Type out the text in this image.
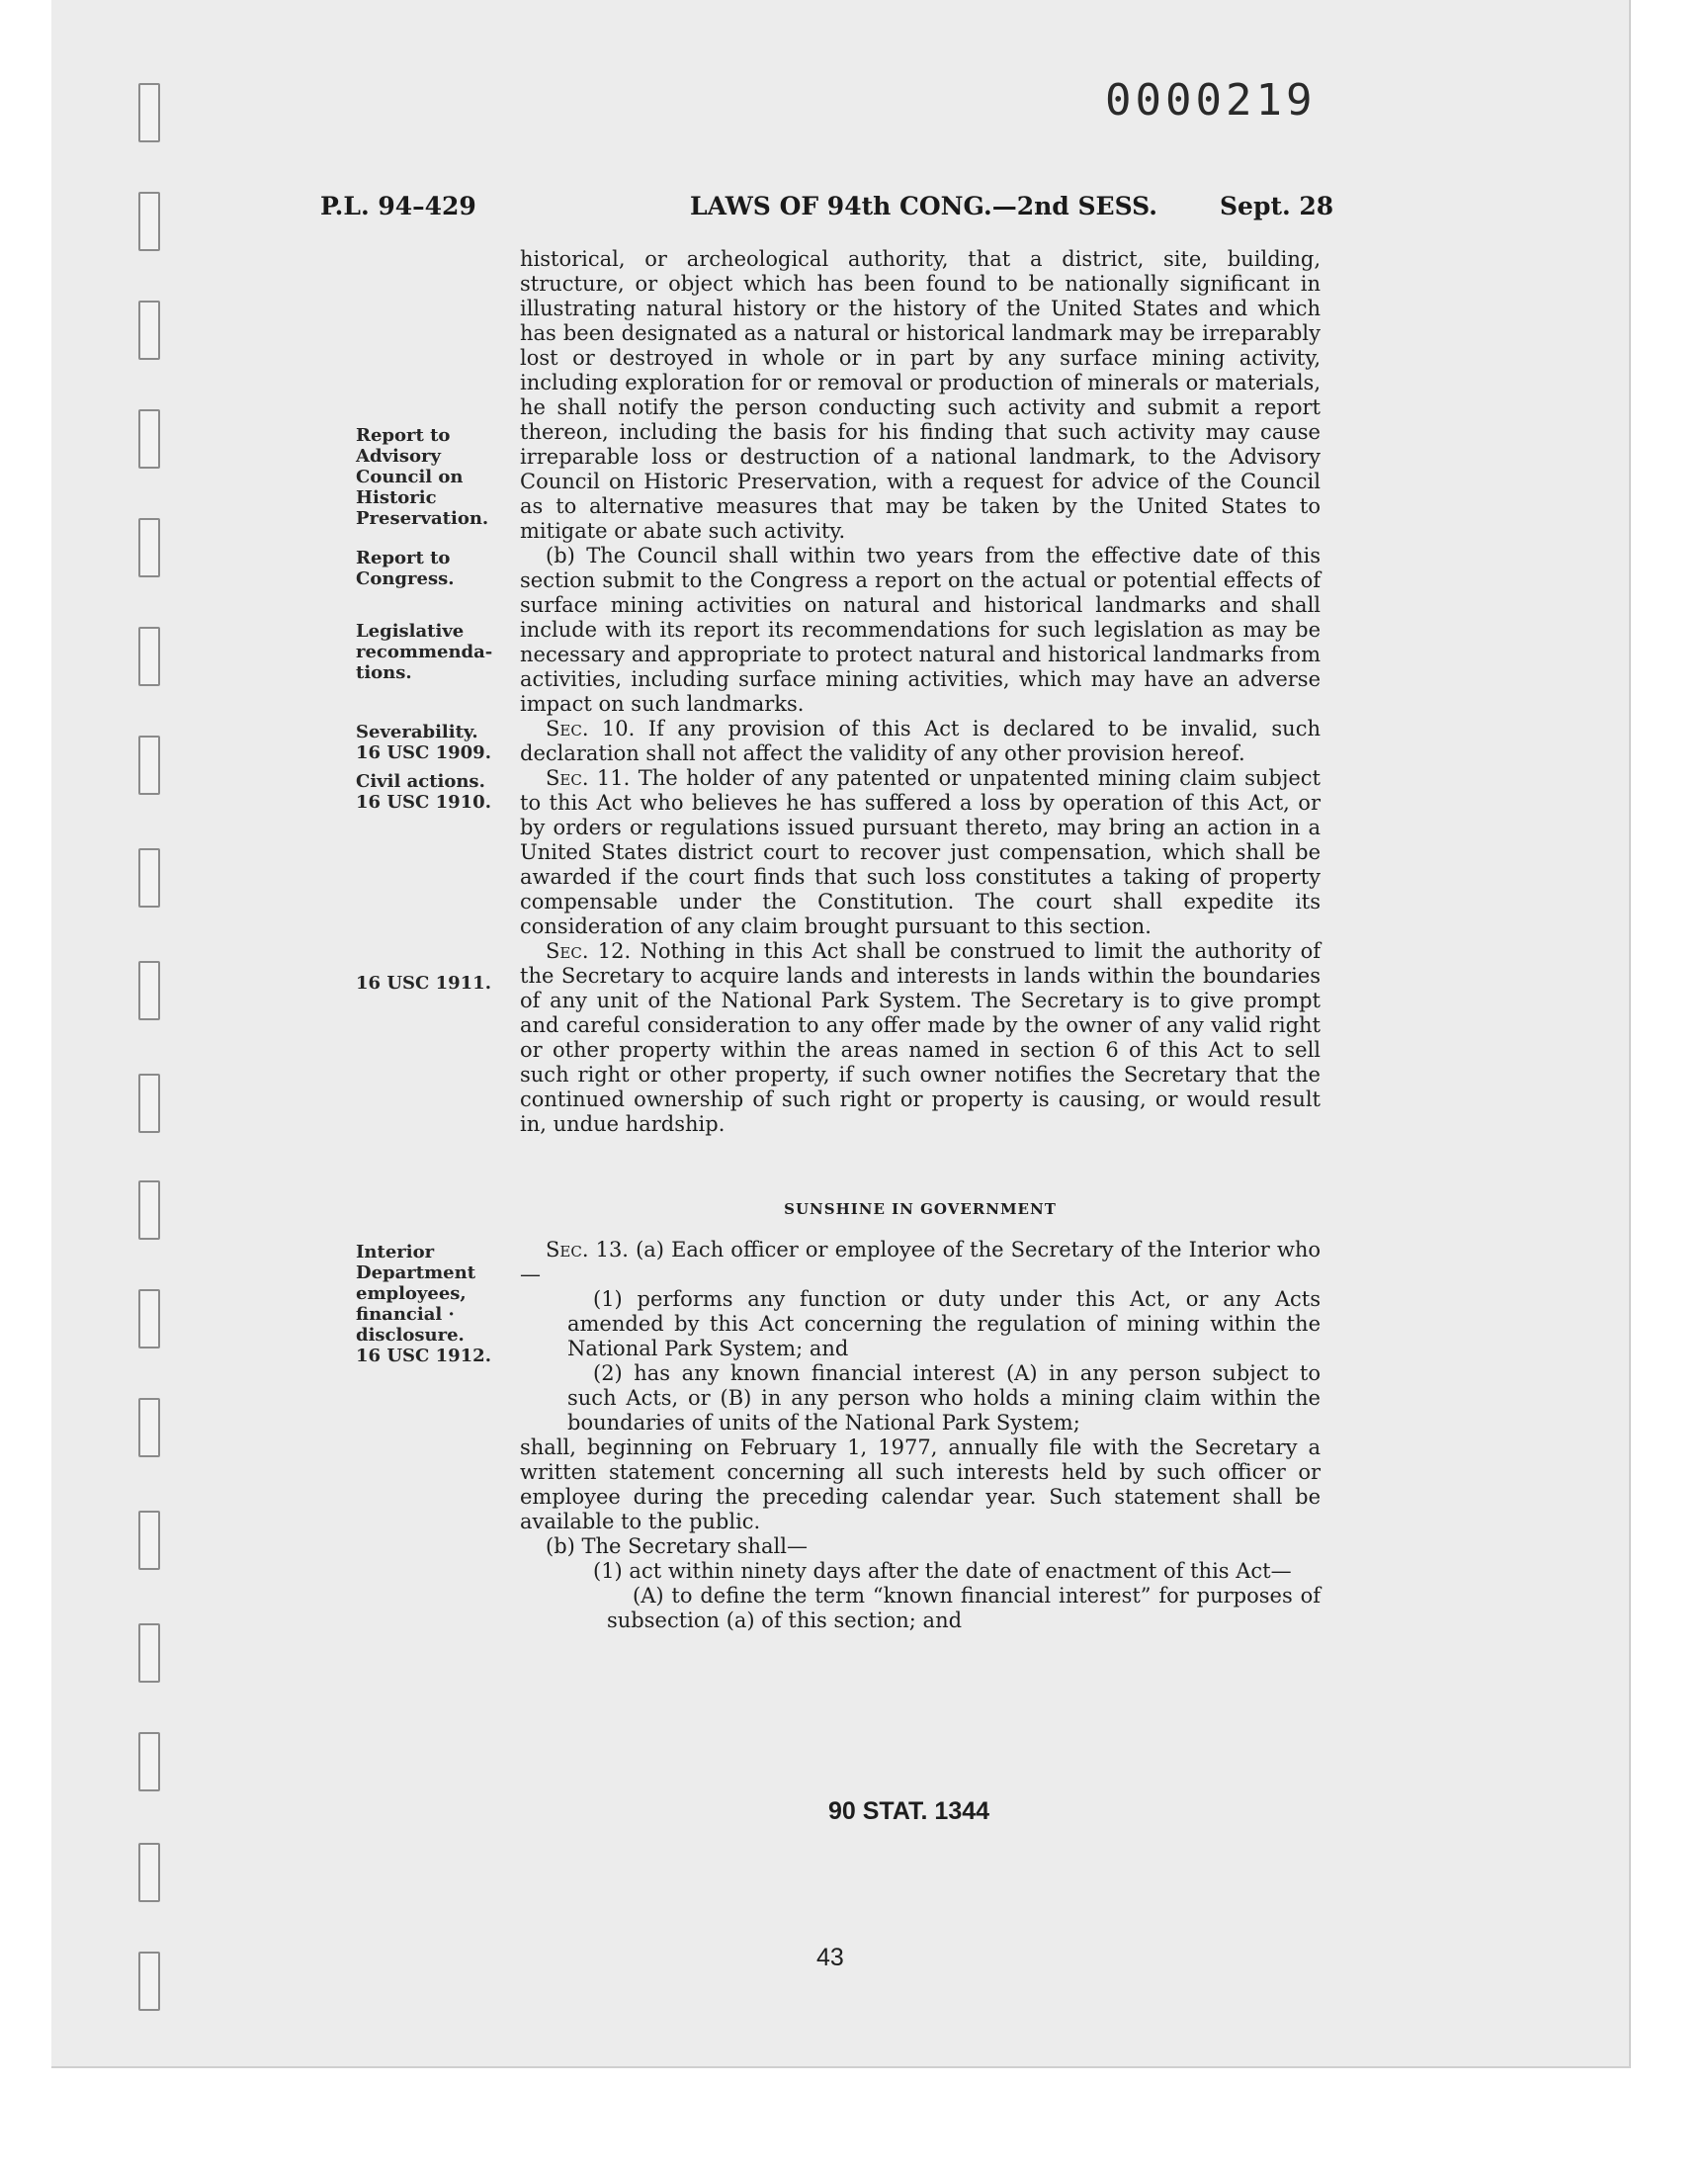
0000219
P.L. 94–429	LAWS OF 94th CONG.—2nd SESS.	Sept. 28
Report to
Advisory
Council on
Historic
Preservation.
Report to
Congress.
Legislative
recommenda-
tions.
Severability.
16 USC 1909.
Civil actions.
16 USC 1910.
16 USC 1911.
Interior
Department
employees,
financial ·
disclosure.
16 USC 1912.

historical, or archeological authority, that a district, site, building, structure, or object which has been found to be nationally significant in illustrating natural history or the history of the United States and which has been designated as a natural or historical landmark may be irreparably lost or destroyed in whole or in part by any surface mining activity, including exploration for or removal or production of minerals or materials, he shall notify the person conducting such activity and submit a report thereon, including the basis for his finding that such activity may cause irreparable loss or destruction of a national landmark, to the Advisory Council on Historic Preservation, with a request for advice of the Council as to alternative measures that may be taken by the United States to mitigate or abate such activity.

(b) The Council shall within two years from the effective date of this section submit to the Congress a report on the actual or potential effects of surface mining activities on natural and historical landmarks and shall include with its report its recommendations for such legislation as may be necessary and appropriate to protect natural and historical landmarks from activities, including surface mining activities, which may have an adverse impact on such landmarks.

Sec. 10. If any provision of this Act is declared to be invalid, such declaration shall not affect the validity of any other provision hereof.

Sec. 11. The holder of any patented or unpatented mining claim subject to this Act who believes he has suffered a loss by operation of this Act, or by orders or regulations issued pursuant thereto, may bring an action in a United States district court to recover just compensation, which shall be awarded if the court finds that such loss constitutes a taking of property compensable under the Constitution. The court shall expedite its consideration of any claim brought pursuant to this section.

Sec. 12. Nothing in this Act shall be construed to limit the authority of the Secretary to acquire lands and interests in lands within the boundaries of any unit of the National Park System. The Secretary is to give prompt and careful consideration to any offer made by the owner of any valid right or other property within the areas named in section 6 of this Act to sell such right or other property, if such owner notifies the Secretary that the continued ownership of such right or property is causing, or would result in, undue hardship.

SUNSHINE IN GOVERNMENT

Sec. 13. (a) Each officer or employee of the Secretary of the Interior who—

(1) performs any function or duty under this Act, or any Acts amended by this Act concerning the regulation of mining within the National Park System; and

(2) has any known financial interest (A) in any person subject to such Acts, or (B) in any person who holds a mining claim within the boundaries of units of the National Park System;

shall, beginning on February 1, 1977, annually file with the Secretary a written statement concerning all such interests held by such officer or employee during the preceding calendar year. Such statement shall be available to the public.

(b) The Secretary shall—

(1) act within ninety days after the date of enactment of this Act—

(A) to define the term “known financial interest” for purposes of subsection (a) of this section; and

90 STAT. 1344
43
